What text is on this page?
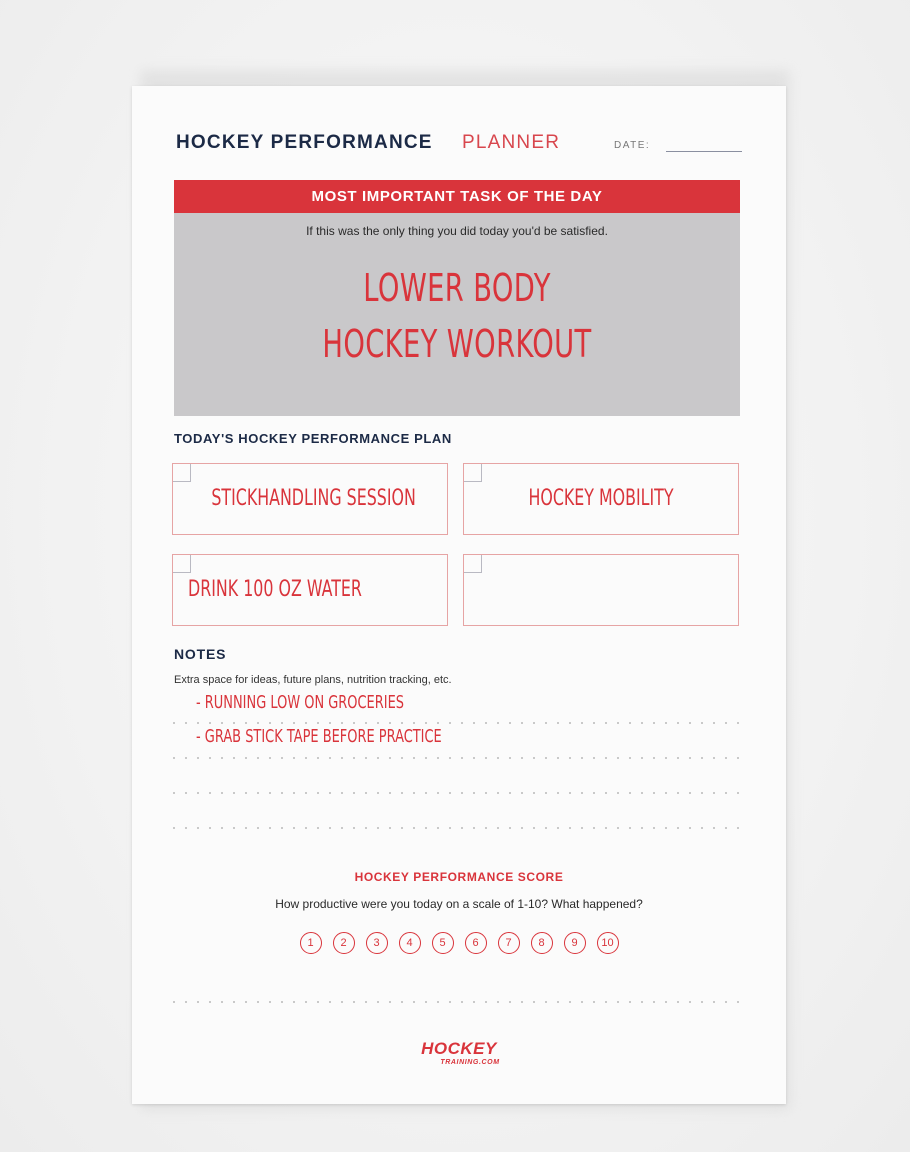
HOCKEY PERFORMANCE PLANNER	DATE:
MOST IMPORTANT TASK OF THE DAY
If this was the only thing you did today you'd be satisfied.
LOWER BODY
HOCKEY WORKOUT
TODAY'S HOCKEY PERFORMANCE PLAN
STICKHANDLING SESSION	HOCKEY MOBILITY
DRINK 100 OZ WATER
NOTES
Extra space for ideas, future plans, nutrition tracking, etc.
- RUNNING LOW ON GROCERIES
- GRAB STICK TAPE BEFORE PRACTICE
HOCKEY PERFORMANCE SCORE
How productive were you today on a scale of 1-10? What happened?
1	2	3	4	5	6	7	8	9	10
HOCKEY
TRAINING.COM
